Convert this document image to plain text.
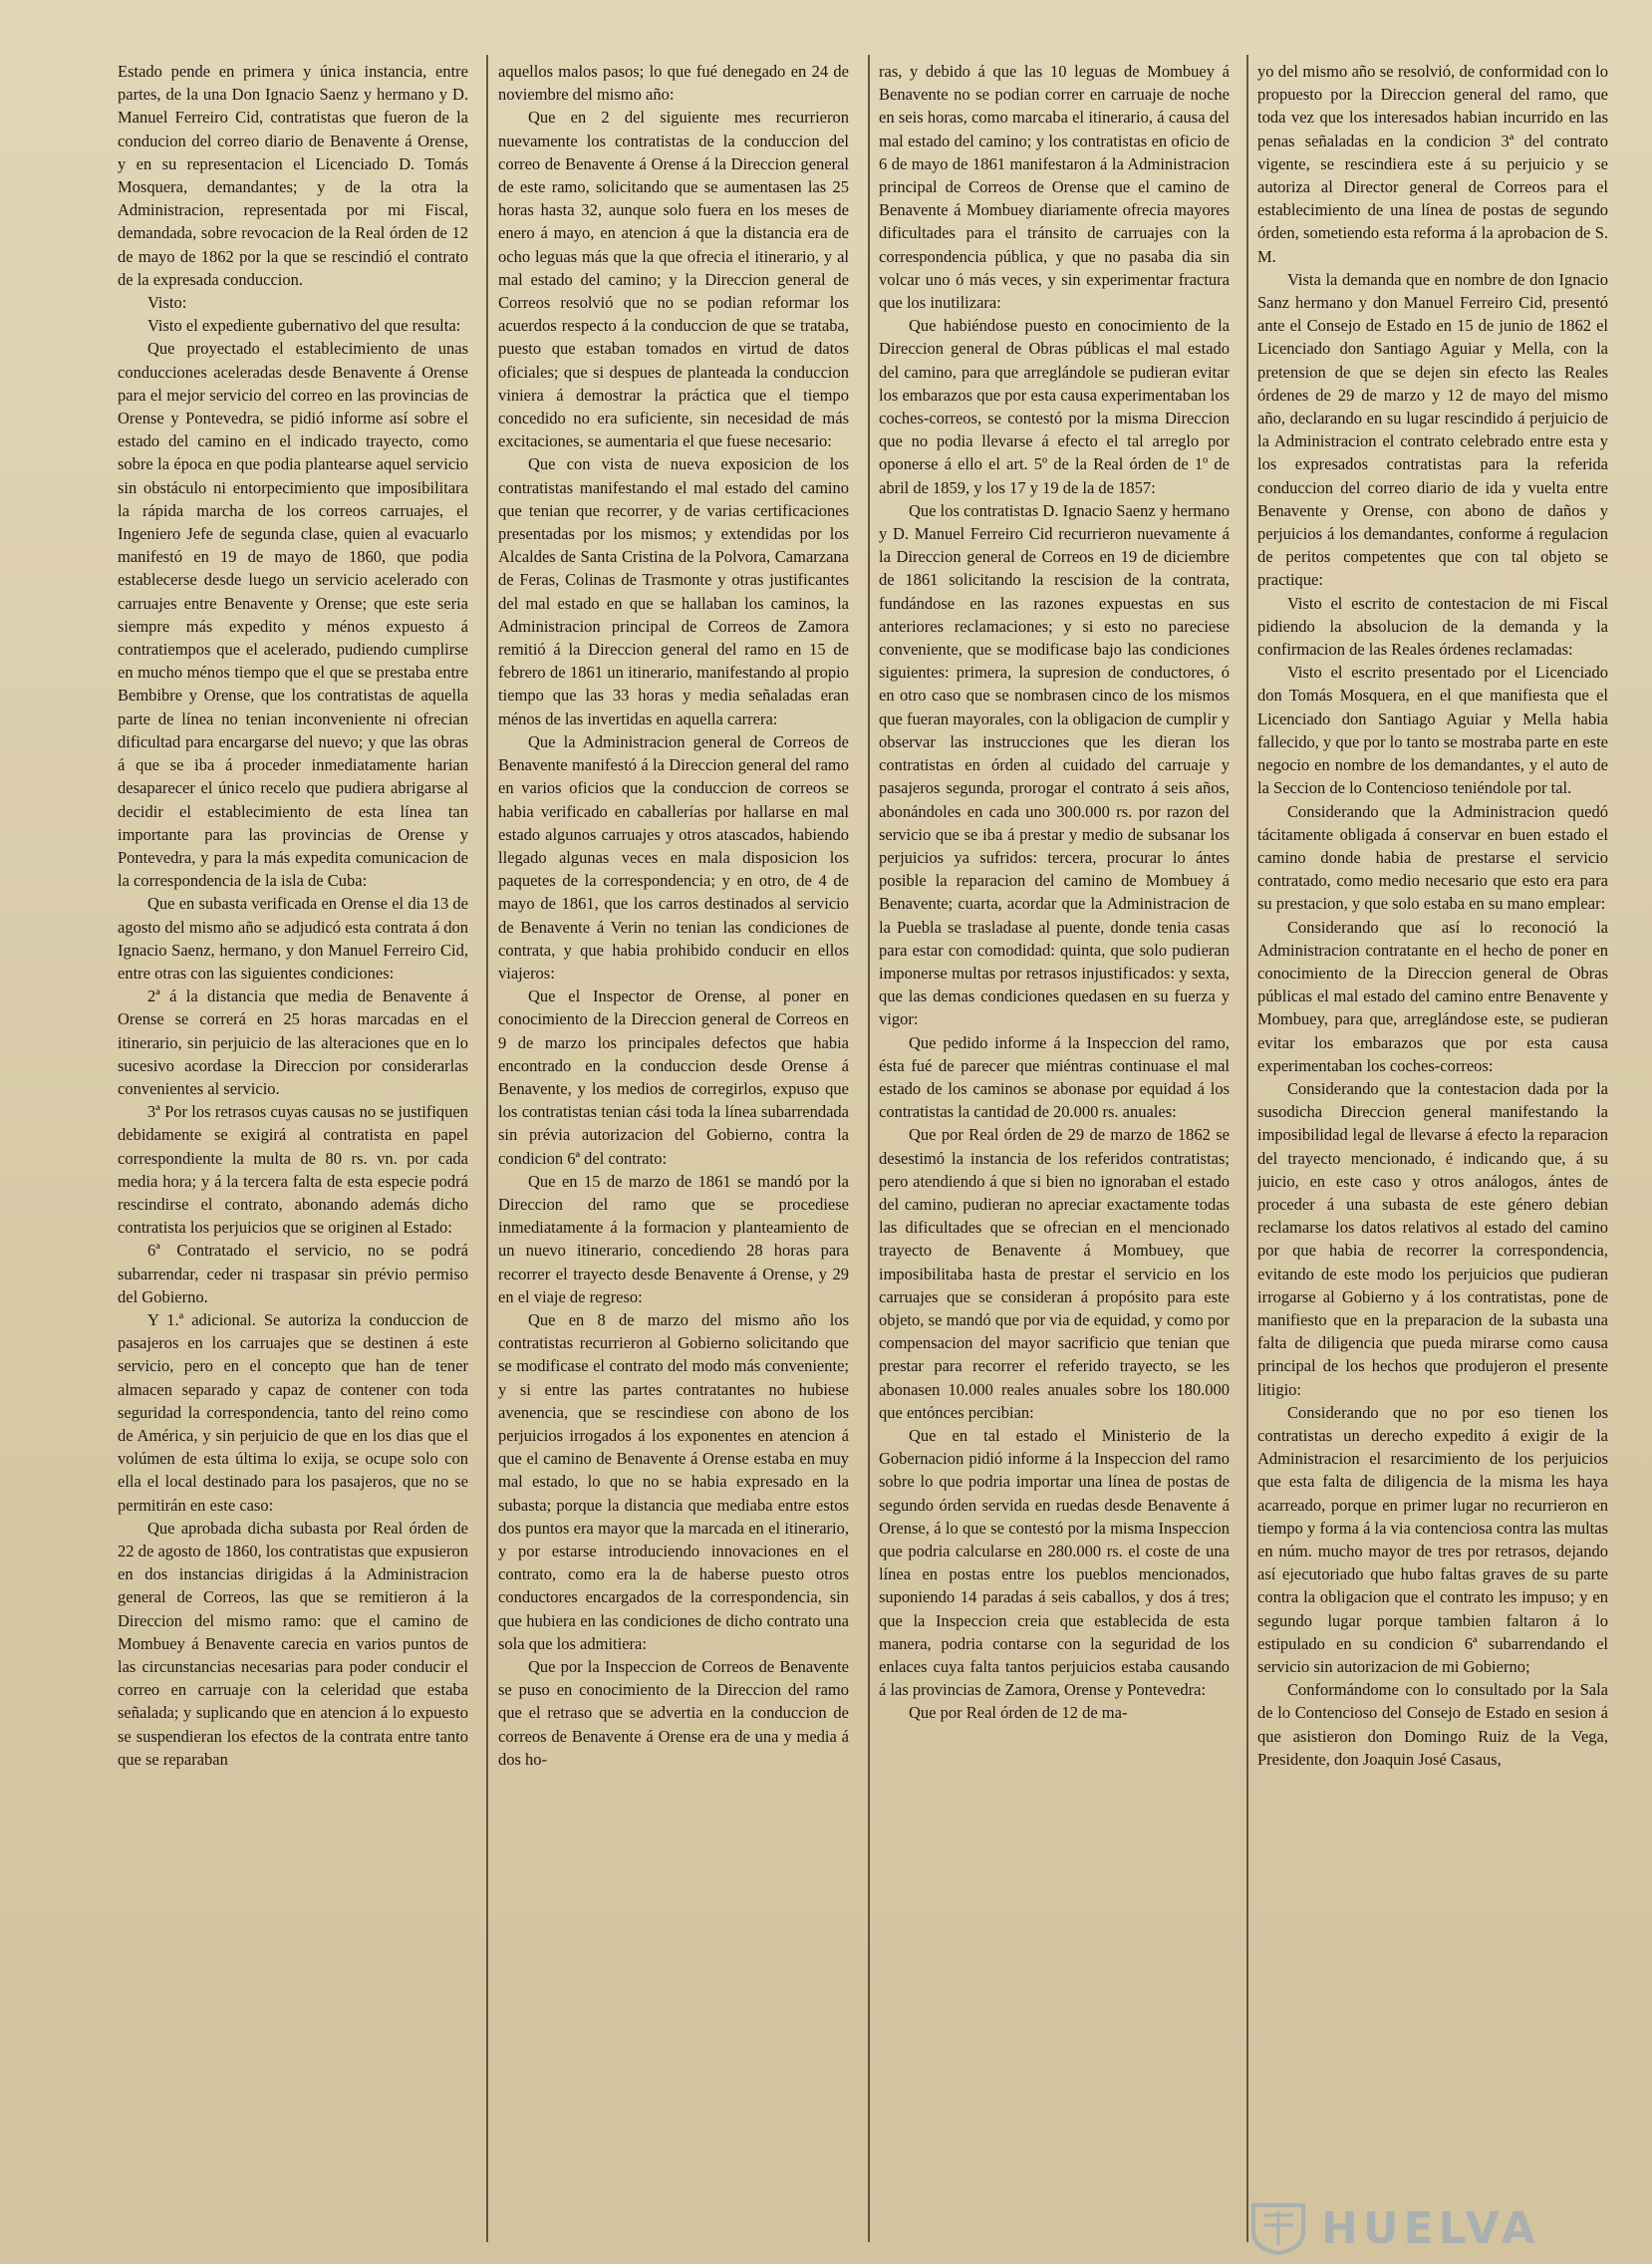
Estado pende en primera y única instancia, entre partes, de la una Don Ignacio Saenz y hermano y D. Manuel Ferreiro Cid, contratistas que fueron de la conducion del correo diario de Benavente á Orense, y en su representacion el Licenciado D. Tomás Mosquera, demandantes; y de la otra la Administracion, representada por mi Fiscal, demandada, sobre revocacion de la Real órden de 12 de mayo de 1862 por la que se rescindió el contrato de la expresada conduccion.

Visto:

Visto el expediente gubernativo del que resulta:

Que proyectado el establecimiento de unas conducciones aceleradas desde Benavente á Orense para el mejor servicio del correo en las provincias de Orense y Pontevedra, se pidió informe así sobre el estado del camino en el indicado trayecto, como sobre la época en que podia plantearse aquel servicio sin obstáculo ni entorpecimiento que imposibilitara la rápida marcha de los correos carruajes, el Ingeniero Jefe de segunda clase, quien al evacuarlo manifestó en 19 de mayo de 1860, que podia establecerse desde luego un servicio acelerado con carruajes entre Benavente y Orense; que este seria siempre más expedito y ménos expuesto á contratiempos que el acelerado, pudiendo cumplirse en mucho ménos tiempo que el que se prestaba entre Bembibre y Orense, que los contratistas de aquella parte de línea no tenian inconveniente ni ofrecian dificultad para encargarse del nuevo; y que las obras á que se iba á proceder inmediatamente harian desaparecer el único recelo que pudiera abrigarse al decidir el establecimiento de esta línea tan importante para las provincias de Orense y Pontevedra, y para la más expedita comunicacion de la correspondencia de la isla de Cuba:

Que en subasta verificada en Orense el dia 13 de agosto del mismo año se adjudicó esta contrata á don Ignacio Saenz, hermano, y don Manuel Ferreiro Cid, entre otras con las siguientes condiciones:

2ª á la distancia que media de Benavente á Orense se correrá en 25 horas marcadas en el itinerario, sin perjuicio de las alteraciones que en lo sucesivo acordase la Direccion por considerarlas convenientes al servicio.

3ª Por los retrasos cuyas causas no se justifiquen debidamente se exigirá al contratista en papel correspondiente la multa de 80 rs. vn. por cada media hora; y á la tercera falta de esta especie podrá rescindirse el contrato, abonando además dicho contratista los perjuicios que se originen al Estado:

6ª Contratado el servicio, no se podrá subarrendar, ceder ni traspasar sin prévio permiso del Gobierno.

Y 1.ª adicional. Se autoriza la conduccion de pasajeros en los carruajes que se destinen á este servicio, pero en el concepto que han de tener almacen separado y capaz de contener con toda seguridad la correspondencia, tanto del reino como de América, y sin perjuicio de que en los dias que el volúmen de esta última lo exija, se ocupe solo con ella el local destinado para los pasajeros, que no se permitirán en este caso:

Que aprobada dicha subasta por Real órden de 22 de agosto de 1860, los contratistas que expusieron en dos instancias dirigidas á la Administracion general de Correos, las que se remitieron á la Direccion del mismo ramo: que el camino de Mombuey á Benavente carecia en varios puntos de las circunstancias necesarias para poder conducir el correo en carruaje con la celeridad que estaba señalada; y suplicando que en atencion á lo expuesto se suspendieran los efectos de la contrata entre tanto que se reparaban

aquellos malos pasos; lo que fué denegado en 24 de noviembre del mismo año:

Que en 2 del siguiente mes recurrieron nuevamente los contratistas de la conduccion del correo de Benavente á Orense á la Direccion general de este ramo, solicitando que se aumentasen las 25 horas hasta 32, aunque solo fuera en los meses de enero á mayo, en atencion á que la distancia era de ocho leguas más que la que ofrecia el itinerario, y al mal estado del camino; y la Direccion general de Correos resolvió que no se podian reformar los acuerdos respecto á la conduccion de que se trataba, puesto que estaban tomados en virtud de datos oficiales; que si despues de planteada la conduccion viniera á demostrar la práctica que el tiempo concedido no era suficiente, sin necesidad de más excitaciones, se aumentaria el que fuese necesario:

Que con vista de nueva exposicion de los contratistas manifestando el mal estado del camino que tenian que recorrer, y de varias certificaciones presentadas por los mismos; y extendidas por los Alcaldes de Santa Cristina de la Polvora, Camarzana de Feras, Colinas de Trasmonte y otras justificantes del mal estado en que se hallaban los caminos, la Administracion principal de Correos de Zamora remitió á la Direccion general del ramo en 15 de febrero de 1861 un itinerario, manifestando al propio tiempo que las 33 horas y media señaladas eran ménos de las invertidas en aquella carrera:

Que la Administracion general de Correos de Benavente manifestó á la Direccion general del ramo en varios oficios que la conduccion de correos se habia verificado en caballerías por hallarse en mal estado algunos carruajes y otros atascados, habiendo llegado algunas veces en mala disposicion los paquetes de la correspondencia; y en otro, de 4 de mayo de 1861, que los carros destinados al servicio de Benavente á Verin no tenian las condiciones de contrata, y que habia prohibido conducir en ellos viajeros:

Que el Inspector de Orense, al poner en conocimiento de la Direccion general de Correos en 9 de marzo los principales defectos que habia encontrado en la conduccion desde Orense á Benavente, y los medios de corregirlos, expuso que los contratistas tenian cási toda la línea subarrendada sin prévia autorizacion del Gobierno, contra la condicion 6ª del contrato:

Que en 15 de marzo de 1861 se mandó por la Direccion del ramo que se procediese inmediatamente á la formacion y planteamiento de un nuevo itinerario, concediendo 28 horas para recorrer el trayecto desde Benavente á Orense, y 29 en el viaje de regreso:

Que en 8 de marzo del mismo año los contratistas recurrieron al Gobierno solicitando que se modificase el contrato del modo más conveniente; y si entre las partes contratantes no hubiese avenencia, que se rescindiese con abono de los perjuicios irrogados á los exponentes en atencion á que el camino de Benavente á Orense estaba en muy mal estado, lo que no se habia expresado en la subasta; porque la distancia que mediaba entre estos dos puntos era mayor que la marcada en el itinerario, y por estarse introduciendo innovaciones en el contrato, como era la de haberse puesto otros conductores encargados de la correspondencia, sin que hubiera en las condiciones de dicho contrato una sola que los admitiera:

Que por la Inspeccion de Correos de Benavente se puso en conocimiento de la Direccion del ramo que el retraso que se advertia en la conduccion de correos de Benavente á Orense era de una y media á dos ho-

ras, y debido á que las 10 leguas de Mombuey á Benavente no se podian correr en carruaje de noche en seis horas, como marcaba el itinerario, á causa del mal estado del camino; y los contratistas en oficio de 6 de mayo de 1861 manifestaron á la Administracion principal de Correos de Orense que el camino de Benavente á Mombuey diariamente ofrecia mayores dificultades para el tránsito de carruajes con la correspondencia pública, y que no pasaba dia sin volcar uno ó más veces, y sin experimentar fractura que los inutilizara:

Que habiéndose puesto en conocimiento de la Direccion general de Obras públicas el mal estado del camino, para que arreglándole se pudieran evitar los embarazos que por esta causa experimentaban los coches-correos, se contestó por la misma Direccion que no podia llevarse á efecto el tal arreglo por oponerse á ello el art. 5º de la Real órden de 1º de abril de 1859, y los 17 y 19 de la de 1857:

Que los contratistas D. Ignacio Saenz y hermano y D. Manuel Ferreiro Cid recurrieron nuevamente á la Direccion general de Correos en 19 de diciembre de 1861 solicitando la rescision de la contrata, fundándose en las razones expuestas en sus anteriores reclamaciones; y si esto no pareciese conveniente, que se modificase bajo las condiciones siguientes: primera, la supresion de conductores, ó en otro caso que se nombrasen cinco de los mismos que fueran mayorales, con la obligacion de cumplir y observar las instrucciones que les dieran los contratistas en órden al cuidado del carruaje y pasajeros segunda, prorogar el contrato á seis años, abonándoles en cada uno 300.000 rs. por razon del servicio que se iba á prestar y medio de subsanar los perjuicios ya sufridos: tercera, procurar lo ántes posible la reparacion del camino de Mombuey á Benavente; cuarta, acordar que la Administracion de la Puebla se trasladase al puente, donde tenia casas para estar con comodidad: quinta, que solo pudieran imponerse multas por retrasos injustificados: y sexta, que las demas condiciones quedasen en su fuerza y vigor:

Que pedido informe á la Inspeccion del ramo, ésta fué de parecer que miéntras continuase el mal estado de los caminos se abonase por equidad á los contratistas la cantidad de 20.000 rs. anuales:

Que por Real órden de 29 de marzo de 1862 se desestimó la instancia de los referidos contratistas; pero atendiendo á que si bien no ignoraban el estado del camino, pudieran no apreciar exactamente todas las dificultades que se ofrecian en el mencionado trayecto de Benavente á Mombuey, que imposibilitaba hasta de prestar el servicio en los carruajes que se consideran á propósito para este objeto, se mandó que por via de equidad, y como por compensacion del mayor sacrificio que tenian que prestar para recorrer el referido trayecto, se les abonasen 10.000 reales anuales sobre los 180.000 que entónces percibian:

Que en tal estado el Ministerio de la Gobernacion pidió informe á la Inspeccion del ramo sobre lo que podria importar una línea de postas de segundo órden servida en ruedas desde Benavente á Orense, á lo que se contestó por la misma Inspeccion que podria calcularse en 280.000 rs. el coste de una línea en postas entre los pueblos mencionados, suponiendo 14 paradas á seis caballos, y dos á tres; que la Inspeccion creia que establecida de esta manera, podria contarse con la seguridad de los enlaces cuya falta tantos perjuicios estaba causando á las provincias de Zamora, Orense y Pontevedra:

Que por Real órden de 12 de ma-

yo del mismo año se resolvió, de conformidad con lo propuesto por la Direccion general del ramo, que toda vez que los interesados habian incurrido en las penas señaladas en la condicion 3ª del contrato vigente, se rescindiera este á su perjuicio y se autoriza al Director general de Correos para el establecimiento de una línea de postas de segundo órden, sometiendo esta reforma á la aprobacion de S. M.

Vista la demanda que en nombre de don Ignacio Sanz hermano y don Manuel Ferreiro Cid, presentó ante el Consejo de Estado en 15 de junio de 1862 el Licenciado don Santiago Aguiar y Mella, con la pretension de que se dejen sin efecto las Reales órdenes de 29 de marzo y 12 de mayo del mismo año, declarando en su lugar rescindido á perjuicio de la Administracion el contrato celebrado entre esta y los expresados contratistas para la referida conduccion del correo diario de ida y vuelta entre Benavente y Orense, con abono de daños y perjuicios á los demandantes, conforme á regulacion de peritos competentes que con tal objeto se practique:

Visto el escrito de contestacion de mi Fiscal pidiendo la absolucion de la demanda y la confirmacion de las Reales órdenes reclamadas:

Visto el escrito presentado por el Licenciado don Tomás Mosquera, en el que manifiesta que el Licenciado don Santiago Aguiar y Mella habia fallecido, y que por lo tanto se mostraba parte en este negocio en nombre de los demandantes, y el auto de la Seccion de lo Contencioso teniéndole por tal.

Considerando que la Administracion quedó tácitamente obligada á conservar en buen estado el camino donde habia de prestarse el servicio contratado, como medio necesario que esto era para su prestacion, y que solo estaba en su mano emplear:

Considerando que así lo reconoció la Administracion contratante en el hecho de poner en conocimiento de la Direccion general de Obras públicas el mal estado del camino entre Benavente y Mombuey, para que, arreglándose este, se pudieran evitar los embarazos que por esta causa experimentaban los coches-correos:

Considerando que la contestacion dada por la susodicha Direccion general manifestando la imposibilidad legal de llevarse á efecto la reparacion del trayecto mencionado, é indicando que, á su juicio, en este caso y otros análogos, ántes de proceder á una subasta de este género debian reclamarse los datos relativos al estado del camino por que habia de recorrer la correspondencia, evitando de este modo los perjuicios que pudieran irrogarse al Gobierno y á los contratistas, pone de manifiesto que en la preparacion de la subasta una falta de diligencia que pueda mirarse como causa principal de los hechos que produjeron el presente litigio:

Considerando que no por eso tienen los contratistas un derecho expedito á exigir de la Administracion el resarcimiento de los perjuicios que esta falta de diligencia de la misma les haya acarreado, porque en primer lugar no recurrieron en tiempo y forma á la via contenciosa contra las multas en núm. mucho mayor de tres por retrasos, dejando así ejecutoriado que hubo faltas graves de su parte contra la obligacion que el contrato les impuso; y en segundo lugar porque tambien faltaron á lo estipulado en su condicion 6ª subarrendando el servicio sin autorizacion de mi Gobierno;

Conformándome con lo consultado por la Sala de lo Contencioso del Consejo de Estado en sesion á que asistieron don Domingo Ruiz de la Vega, Presidente, don Joaquin José Casaus,

HUELVA
